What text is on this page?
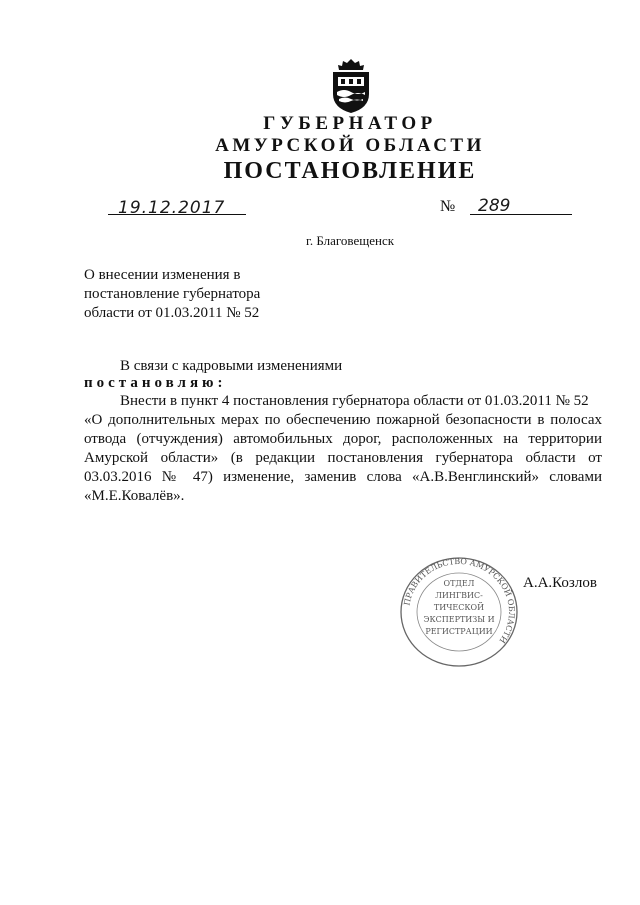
ГУБЕРНАТОР
АМУРСКОЙ ОБЛАСТИ
ПОСТАНОВЛЕНИЕ
19.12.2017	№ 289
г. Благовещенск
О внесении изменения в
постановление губернатора
области от 01.03.2011 № 52
В связи с кадровыми изменениями
постановляю:
Внести в пункт 4 постановления губернатора области от 01.03.2011 № 52
«О дополнительных мерах по обеспечению пожарной безопасности в полосах
отвода (отчуждения) автомобильных дорог, расположенных на территории
Амурской области» (в редакции постановления губернатора области от
03.03.2016 № 47) изменение, заменив слова «А.В.Венглинский» словами
«М.Е.Ковалёв».
ПРАВИТЕЛЬСТВО АМУРСКОЙ ОБЛАСТИ
ОТДЕЛ
ЛИНГВИС-
ТИЧЕСКОЙ
ЭКСПЕРТИЗЫ И
РЕГИСТРАЦИИ
А.А.Козлов
